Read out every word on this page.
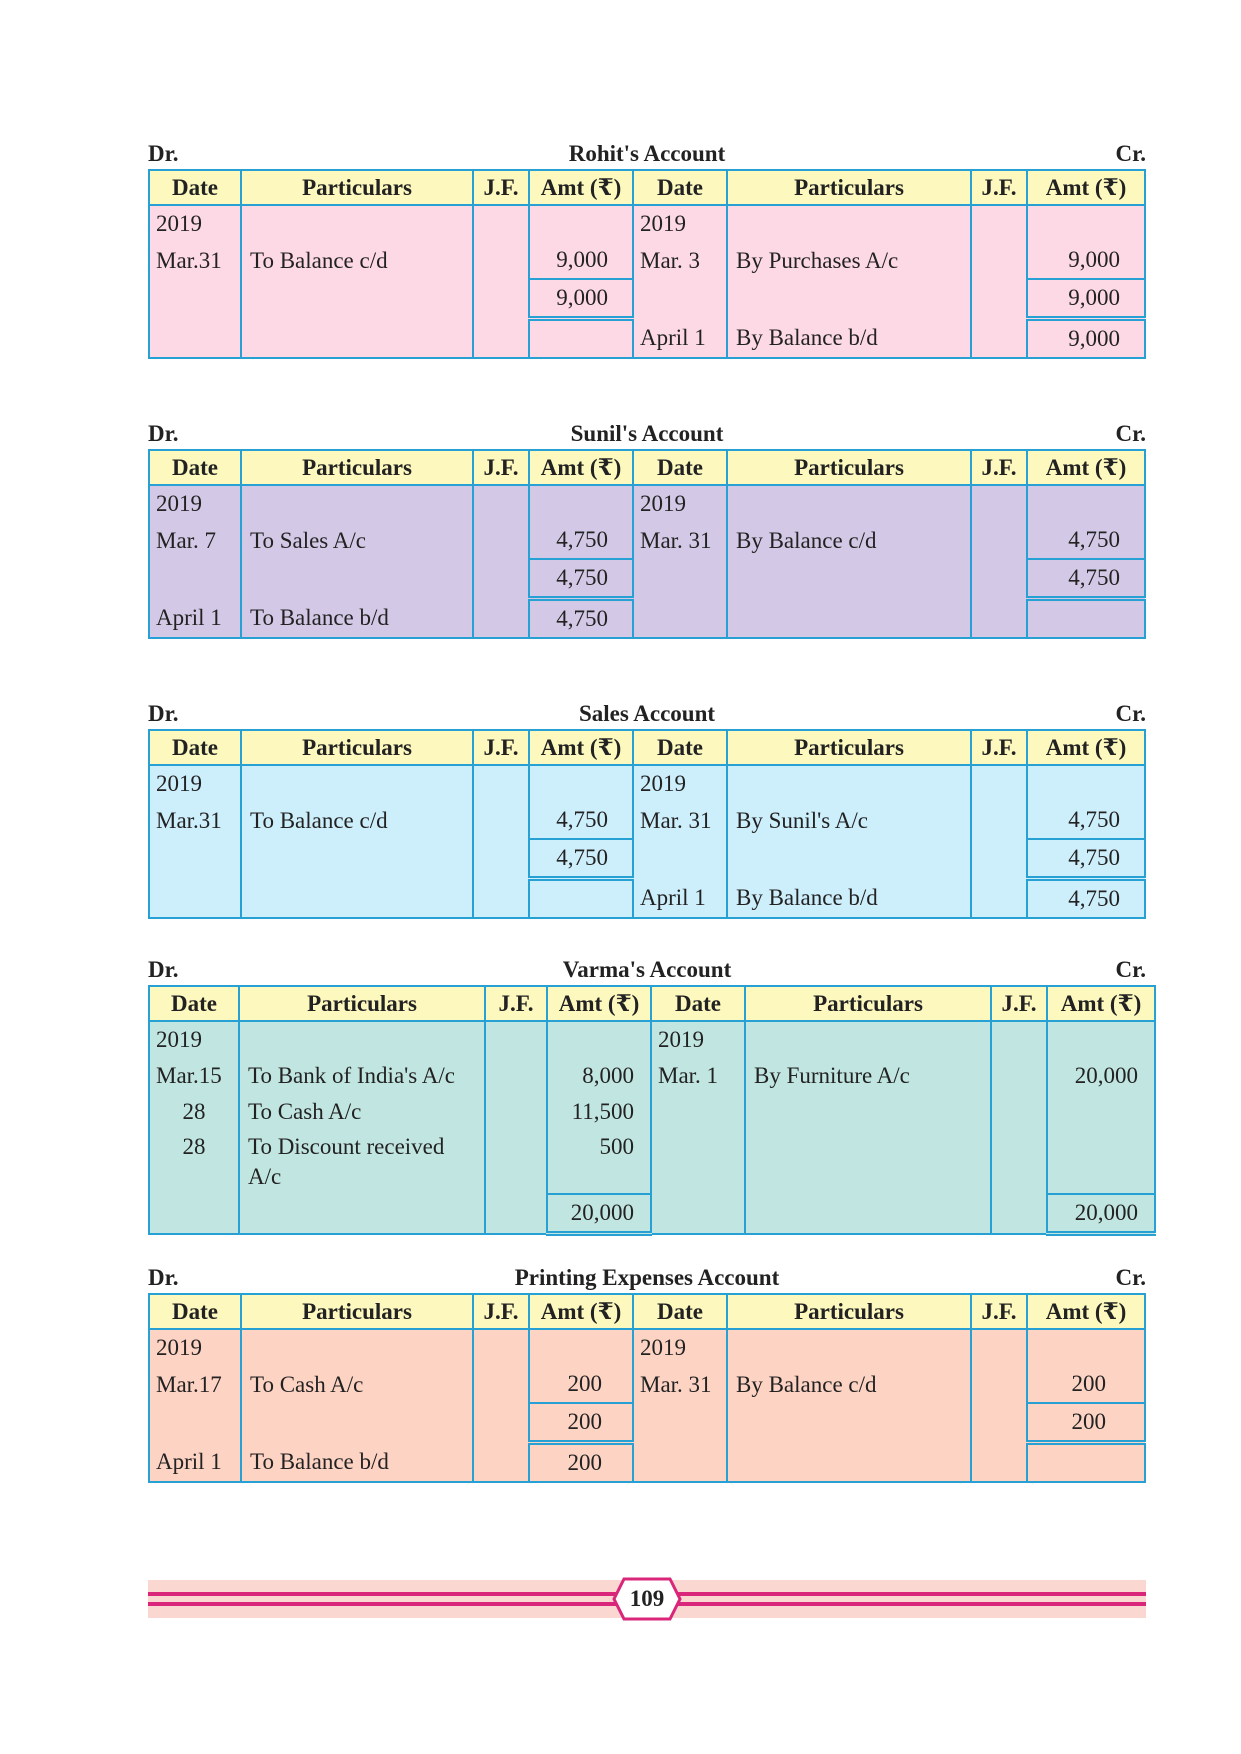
Dr.	Rohit's Account	Cr.
Date	Particulars	J.F.	Amt (₹)	Date	Particulars	J.F.	Amt (₹)
2019				2019			
Mar.31	To Balance c/d		9,000	Mar. 3	By Purchases A/c		9,000
			9,000				9,000
				April 1	By Balance b/d		9,000
Dr.	Sunil's Account	Cr.
Date	Particulars	J.F.	Amt (₹)	Date	Particulars	J.F.	Amt (₹)
2019				2019			
Mar. 7	To Sales A/c		4,750	Mar. 31	By Balance c/d		4,750
			4,750				4,750
April 1	To Balance b/d		4,750				
Dr.	Sales Account	Cr.
Date	Particulars	J.F.	Amt (₹)	Date	Particulars	J.F.	Amt (₹)
2019				2019			
Mar.31	To Balance c/d		4,750	Mar. 31	By Sunil's A/c		4,750
			4,750				4,750
				April 1	By Balance b/d		4,750
Dr.	Varma's Account	Cr.
Date	Particulars	J.F.	Amt (₹)	Date	Particulars	J.F.	Amt (₹)
2019				2019			
Mar.15	To Bank of India's A/c		8,000	Mar. 1	By Furniture A/c		20,000
28	To Cash A/c		11,500				
28	To Discount received A/c		500				
			20,000				20,000
Dr.	Printing Expenses Account	Cr.
Date	Particulars	J.F.	Amt (₹)	Date	Particulars	J.F.	Amt (₹)
2019				2019			
Mar.17	To Cash A/c		200	Mar. 31	By Balance c/d		200
			200				200
April 1	To Balance b/d		200				
109
